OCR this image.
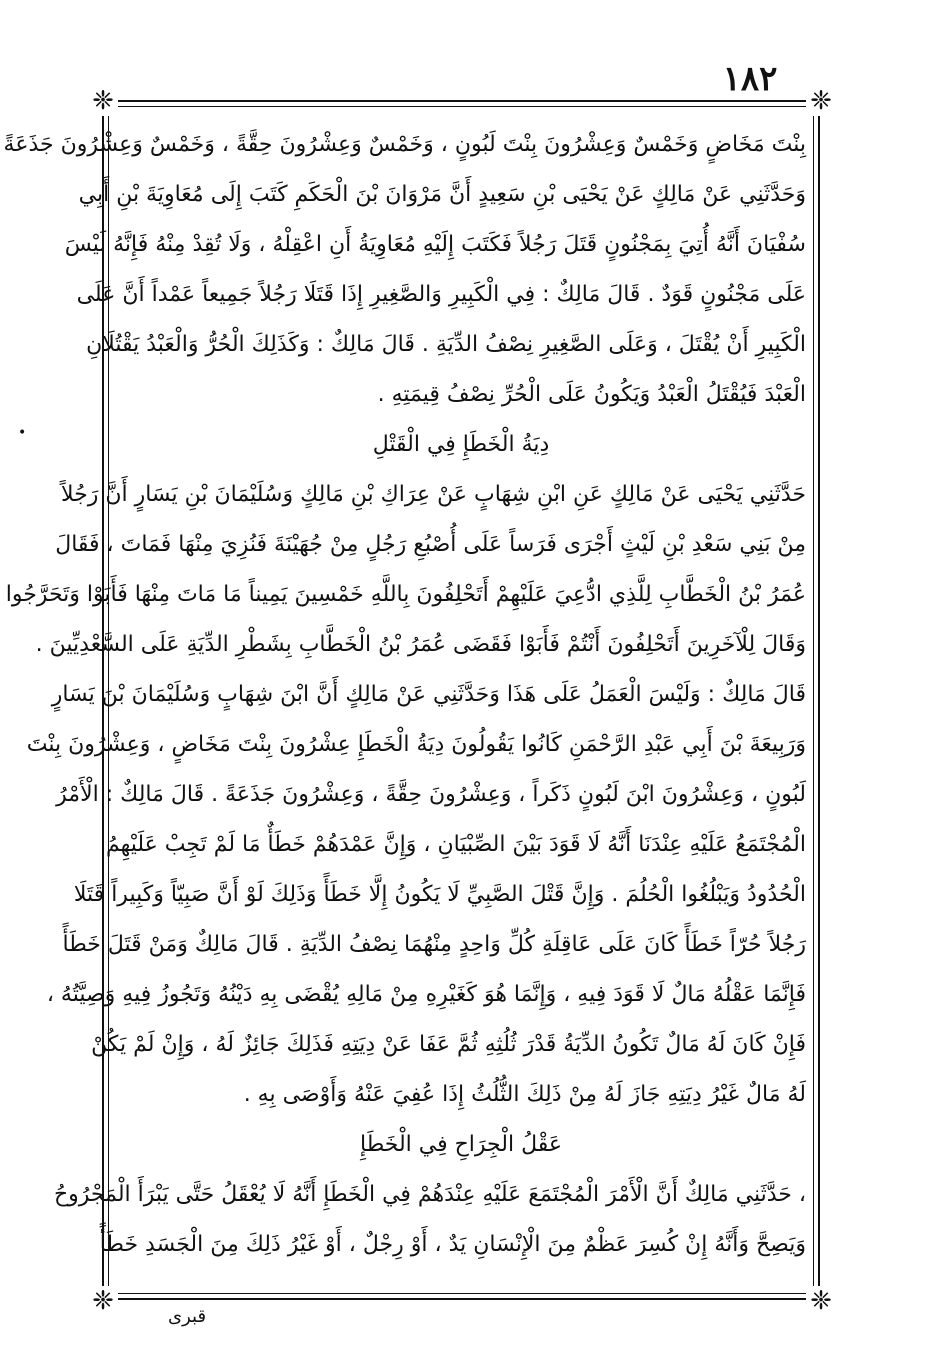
١٨٢
❈	❈
❈	❈
•
بِنْتَ مَخَاضٍ وَخَمْسٌ وَعِشْرُونَ بِنْتَ لَبُونٍ ، وَخَمْسٌ وَعِشْرُونَ حِقَّةً ، وَخَمْسٌ وَعِشْرُونَ جَذَعَةً
وَحَدَّثَنِي عَنْ مَالِكٍ عَنْ يَحْيَى بْنِ سَعِيدٍ أَنَّ مَرْوَانَ بْنَ الْحَكَمِ كَتَبَ إِلَى مُعَاوِيَةَ بْنِ أَبِي
سُفْيَانَ أَنَّهُ أُتِيَ بِمَجْنُونٍ قَتَلَ رَجُلاً فَكَتَبَ إِلَيْهِ مُعَاوِيَةُ أَنِ اعْقِلْهُ ، وَلَا تُقِدْ مِنْهُ فَإِنَّهُ لَيْسَ
عَلَى مَجْنُونٍ قَوَدٌ . قَالَ مَالِكٌ : فِي الْكَبِيرِ وَالصَّغِيرِ إِذَا قَتَلَا رَجُلاً جَمِيعاً عَمْداً أَنَّ عَلَى
الْكَبِيرِ أَنْ يُقْتَلَ ، وَعَلَى الصَّغِيرِ نِصْفُ الدِّيَةِ . قَالَ مَالِكٌ : وَكَذَلِكَ الْحُرُّ وَالْعَبْدُ يَقْتُلَانِ
الْعَبْدَ فَيُقْتَلُ الْعَبْدُ وَيَكُونُ عَلَى الْحُرِّ نِصْفُ قِيمَتِهِ .
دِيَةُ الْخَطَإِ فِي الْقَتْلِ
حَدَّثَنِي يَحْيَى عَنْ مَالِكٍ عَنِ ابْنِ شِهَابٍ عَنْ عِرَاكِ بْنِ مَالِكٍ وَسُلَيْمَانَ بْنِ يَسَارٍ أَنَّ رَجُلاً
مِنْ بَنِي سَعْدِ بْنِ لَيْثٍ أَجْرَى فَرَساً عَلَى أُصْبُعِ رَجُلٍ مِنْ جُهَيْنَةَ فَنُزِيَ مِنْهَا فَمَاتَ ، فَقَالَ
عُمَرُ بْنُ الْخَطَّابِ لِلَّذِي ادُّعِيَ عَلَيْهِمْ أَتَحْلِفُونَ بِاللَّهِ خَمْسِينَ يَمِيناً مَا مَاتَ مِنْهَا فَأَبَوْا وَتَحَرَّجُوا
وَقَالَ لِلْآخَرِينَ أَتَحْلِفُونَ أَنْتُمْ فَأَبَوْا فَقَضَى عُمَرُ بْنُ الْخَطَّابِ بِشَطْرِ الدِّيَةِ عَلَى السَّعْدِيِّينَ .
قَالَ مَالِكٌ : وَلَيْسَ الْعَمَلُ عَلَى هَذَا وَحَدَّثَنِي عَنْ مَالِكٍ أَنَّ ابْنَ شِهَابٍ وَسُلَيْمَانَ بْنَ يَسَارٍ
وَرَبِيعَةَ بْنَ أَبِي عَبْدِ الرَّحْمَنِ كَانُوا يَقُولُونَ دِيَةُ الْخَطَإِ عِشْرُونَ بِنْتَ مَخَاضٍ ، وَعِشْرُونَ بِنْتَ
لَبُونٍ ، وَعِشْرُونَ ابْنَ لَبُونٍ ذَكَراً ، وَعِشْرُونَ حِقَّةً ، وَعِشْرُونَ جَذَعَةً . قَالَ مَالِكٌ : الْأَمْرُ
الْمُجْتَمَعُ عَلَيْهِ عِنْدَنَا أَنَّهُ لَا قَوَدَ بَيْنَ الصِّبْيَانِ ، وَإِنَّ عَمْدَهُمْ خَطَأٌ مَا لَمْ تَجِبْ عَلَيْهِمُ
الْحُدُودُ وَيَبْلُغُوا الْحُلُمَ . وَإِنَّ قَتْلَ الصَّبِيِّ لَا يَكُونُ إِلَّا خَطَأً وَذَلِكَ لَوْ أَنَّ صَبِيّاً وَكَبِيراً قَتَلَا
رَجُلاً حُرّاً خَطَأً كَانَ عَلَى عَاقِلَةِ كُلِّ وَاحِدٍ مِنْهُمَا نِصْفُ الدِّيَةِ . قَالَ مَالِكٌ وَمَنْ قَتَلَ خَطَأً
فَإِنَّمَا عَقْلُهُ مَالٌ لَا قَوَدَ فِيهِ ، وَإِنَّمَا هُوَ كَغَيْرِهِ مِنْ مَالِهِ يُقْضَى بِهِ دَيْنُهُ وَتَجُوزُ فِيهِ وَصِيَّتُهُ ،
فَإِنْ كَانَ لَهُ مَالٌ تَكُونُ الدِّيَةُ قَدْرَ ثُلُثِهِ ثُمَّ عَفَا عَنْ دِيَتِهِ فَذَلِكَ جَائِزٌ لَهُ ، وَإِنْ لَمْ يَكُنْ
لَهُ مَالٌ غَيْرُ دِيَتِهِ جَازَ لَهُ مِنْ ذَلِكَ الثُّلُثُ إِذَا عُفِيَ عَنْهُ وَأَوْصَى بِهِ .
عَقْلُ الْجِرَاحِ فِي الْخَطَإِ
، حَدَّثَنِي مَالِكٌ أَنَّ الْأَمْرَ الْمُجْتَمَعَ عَلَيْهِ عِنْدَهُمْ فِي الْخَطَإِ أَنَّهُ لَا يُعْقَلُ حَتَّى يَبْرَأَ الْمَجْرُوحُ
وَيَصِحَّ وَأَنَّهُ إِنْ كُسِرَ عَظْمٌ مِنَ الْإِنْسَانِ يَدٌ ، أَوْ رِجْلٌ ، أَوْ غَيْرُ ذَلِكَ مِنَ الْجَسَدِ خَطَأً
قبرى
